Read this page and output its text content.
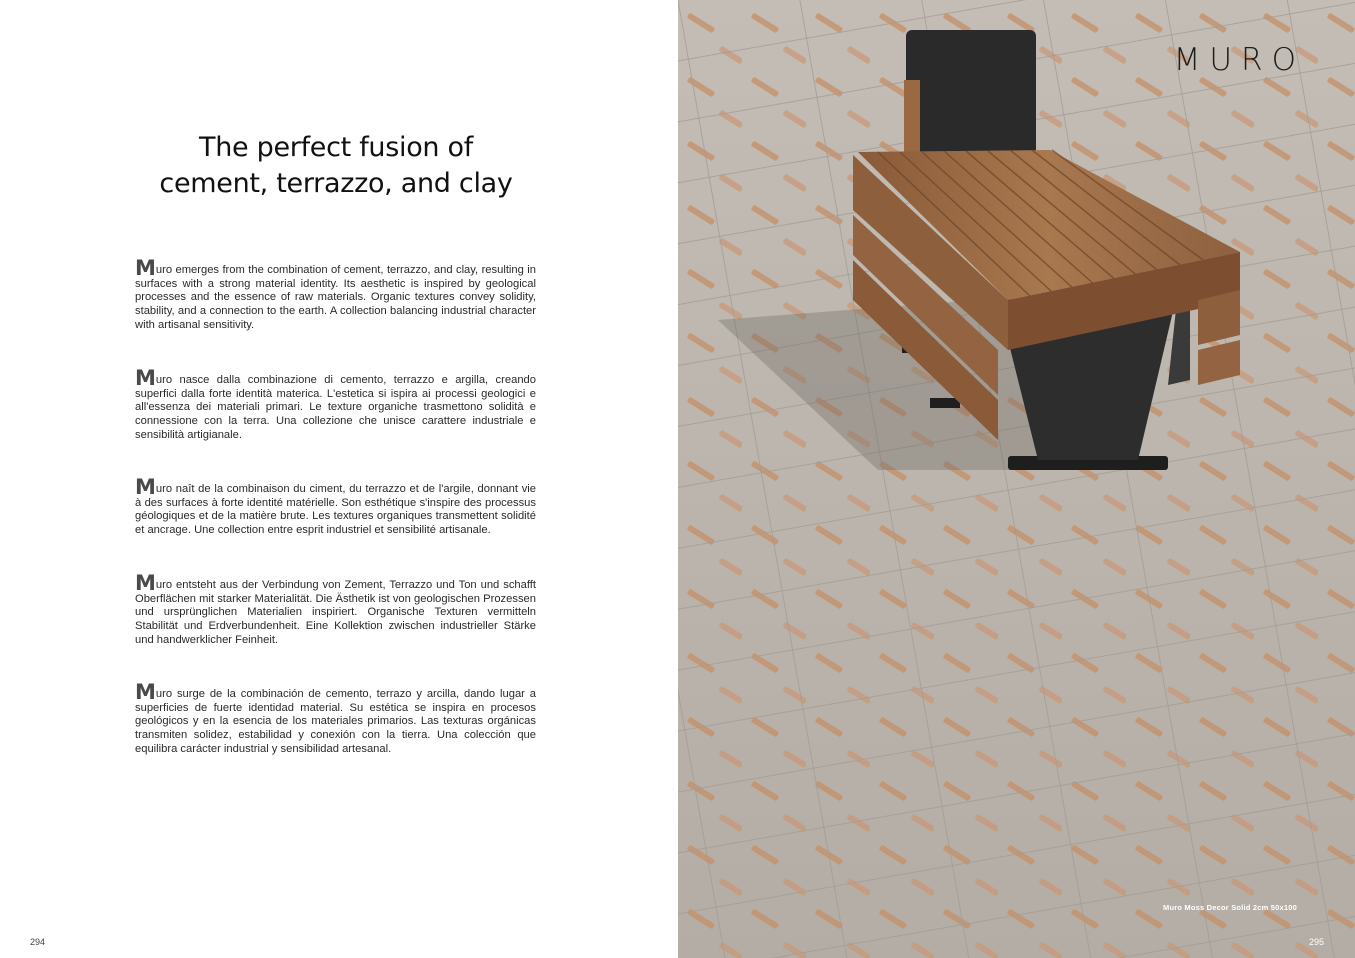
The perfect fusion of
cement, terrazzo, and clay

Muro emerges from the combination of cement, terrazzo, and clay, resulting in surfaces with a strong material identity. Its aesthetic is inspired by geological processes and the essence of raw materials. Organic textures convey solidity, stability, and a connection to the earth. A collection balancing industrial character with artisanal sensitivity.

Muro nasce dalla combinazione di cemento, terrazzo e argilla, creando superfici dalla forte identità materica. L'estetica si ispira ai processi geologici e all'essenza dei materiali primari. Le texture organiche trasmettono solidità e connessione con la terra. Una collezione che unisce carattere industriale e sensibilità artigianale.

Muro naît de la combinaison du ciment, du terrazzo et de l'argile, donnant vie à des surfaces à forte identité matérielle. Son esthétique s'inspire des processus géologiques et de la matière brute. Les textures organiques transmettent solidité et ancrage. Une collection entre esprit industriel et sensibilité artisanale.

Muro entsteht aus der Verbindung von Zement, Terrazzo und Ton und schafft Oberflächen mit starker Materialität. Die Ästhetik ist von geologischen Prozessen und ursprünglichen Materialien inspiriert. Organische Texturen vermitteln Stabilität und Erdverbundenheit. Eine Kollektion zwischen industrieller Stärke und handwerklicher Feinheit.

Muro surge de la combinación de cemento, terrazo y arcilla, dando lugar a superficies de fuerte identidad material. Su estética se inspira en procesos geológicos y en la esencia de los materiales primarios. Las texturas orgánicas transmiten solidez, estabilidad y conexión con la tierra. Una colección que equilibra carácter industrial y sensibilidad artesanal.

294
MURO
Muro Moss Decor Solid 2cm 50x100
295
